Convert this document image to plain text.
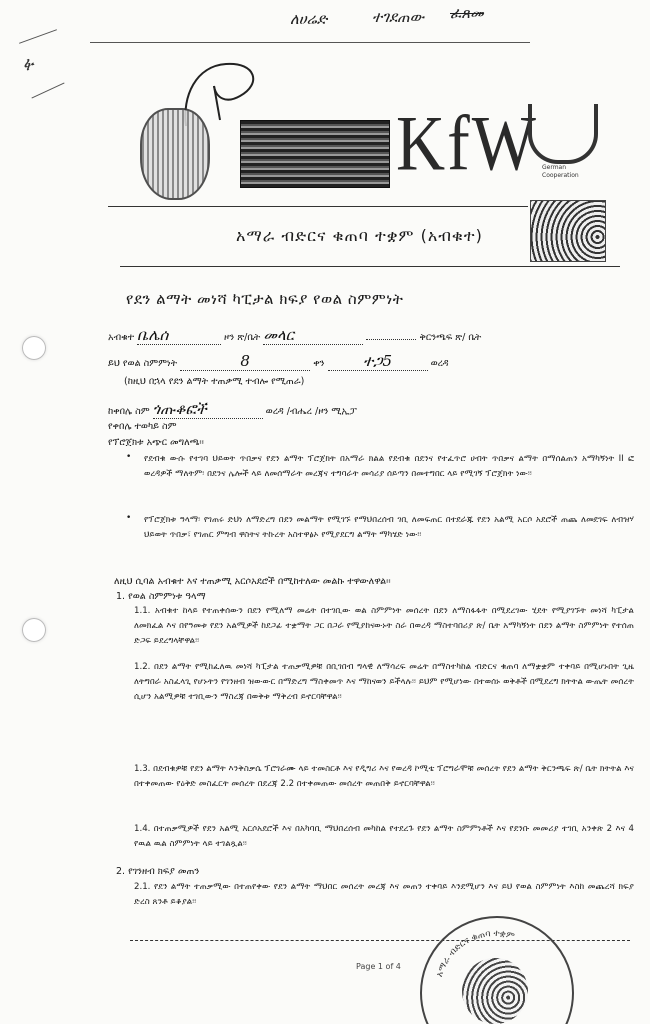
ለሀሬድ	ተገደጠው ፈጸመ
ፉ
KfW German Cooperation
አማራ ብድርና ቁጠባ ተቋም (አብቁተ)
የደን ልማት መነሻ ካፒታል ክፍያ የወል ስምምነት
አብቁተ ቤሌሰ	ዞን ጽ/ቤት መላር	ቅርንጫፍ ጽ/ ቤት
ይህ የወል ስምምነት	8	ቀን	ተጋ5	ወረዳ
(ከዚህ በኋላ የደን ልማት ተጠቃሚ ተብሎ የሚጠራ)
ከቀበሌ ስም ጎጡቆፎች	ወረዳ /ብሔረ /ዞን ሚኢፓ
የቀበሌ ተወካይ ስም
የፕሮጀክቱ አጭር መግለጫ፡፡
• የደብቁ ውሱ የተገባ ህይወት ጥበቃና የደን ልማት ፕሮጀክት በአማራ ክልል የደብቁ በደንና የተፈጥሮ ሀብት ጥበቃና ልማት በማሰልጠን አማካኝነት II ፎ ወረዳዎች ማለትም፡ በደንና ሌሎች ላይ ለመሰማራት መረጃና ተግባራት መሳሪያ ሰይጣን በመተግበር ላይ የሚገኝ ፕሮጀክት ነው፡፡
• የፕሮጀክቱ ዓላማ፡ የገጠሩ ድህነ ለማድረግ በደን መልማት የሚገኙ የማህበረሰብ ገቢ ለመፍጠር በተደራጁ የደን አልሚ አርሶ አደሮች ጠጨ ለመደገፍ ለብዝሃ ህይወት ጥበቃ፣ የገጠር ምግብ ዋስትና ትኩረት አስተዋፅኦ የሚያደርግ ልማት ማካሄድ ነው፡፡
ለዚህ ሲባል አብቁተ እና ተጠቃሚ አርሶአደሮች በሚከተለው መልኩ ተዋውለዋል፡፡
1. የወል ስምምነቱ ዓላማ
1.1. አብቁተ ከላይ የተጠቀሰውን በደን የሚለማ መሬት በተገቢው ወል ስምምነት መሰረት በደን ለማስፋፋት በሚደረገው ሂደት የሚያገኙት መነሻ ካፒታል ለመክፈል እና በየዓመቱ የደን አልሚዎች ከደጋፊ ተቋማት ጋር በጋራ የሚያከናውኑት ስራ በወረዳ ማስተባበሪያ ጽ/ ቤት አማካኝነት በደን ልማት ስምምነት የተሰጠ ድጋፍ ይደረግላቸዋል፡፡
1.2. በደን ልማት የሚከፈለዉ መነሻ ካፒታል ተጠቃሚዎቹ በቢገበብ ግላዊ ለማሳረፍ መሬት በማስተካከል ብድርና ቁጠባ ለማቋቋም ተቀባይ በሚሆኑበት ጊዜ ለትግበራ አስፈላጊ የሆኑትን የገንዘብ ዝውውር በማድረግ ማስቀመጥ እና ማከናወን ይችላሉ፡፡ ይህም የሚሆነው በተወሰኑ ወቅቶች በሚደረግ ክትትል ውጤት መሰረት ሲሆን አልሚዎቹ ተገቢውን ማስረጃ በወቅቱ ማቅረብ ይኖርባቸዋል፡፡
1.3. በደብቁዎቹ የደን ልማት እንቅስቃሴ ፕሮገራሙ ላይ ተመስርቶ እና የዲግሪ እና የወረዳ ኮሚቴ ፕሮግራሞቹ መሰረት የደን ልማት ቅርንጫፍ ጽ/ ቤት ክትትል እና በተቀመጠው የዕቅድ መስፈርት መሰረት በደረጃ 2.2 በተቀመጠው መሰረት መጠበቅ ይኖርባቸዋል፡፡
1.4. በተጠቃሚዎች የደን አልሚ አርሶአደሮች እና በአካባቢ ማህበረሰብ መካከል የተደረጉ የደን ልማት ስምምነቶች እና የደንቡ መመሪያ ተገቢ አንቀጽ 2 እና 4 የዉል ዉል ስምምነት ላይ ተገልጿል፡፡
2. የገንዘብ ክፍያ መጠን
2.1. የደን ልማት ተጠቃሚው በተጠየቀው የደን ልማት ማህበር መሰረት መረጃ እና መጠን ተቀባይ እንደሚሆን እና ይህ የወል ስምምነት እስከ መጨረሻ ክፍያ ድረስ ጸንቶ ይቆያል፡፡
Page 1 of 4
አማራ ብድርና ቁጠባ ተቋም
